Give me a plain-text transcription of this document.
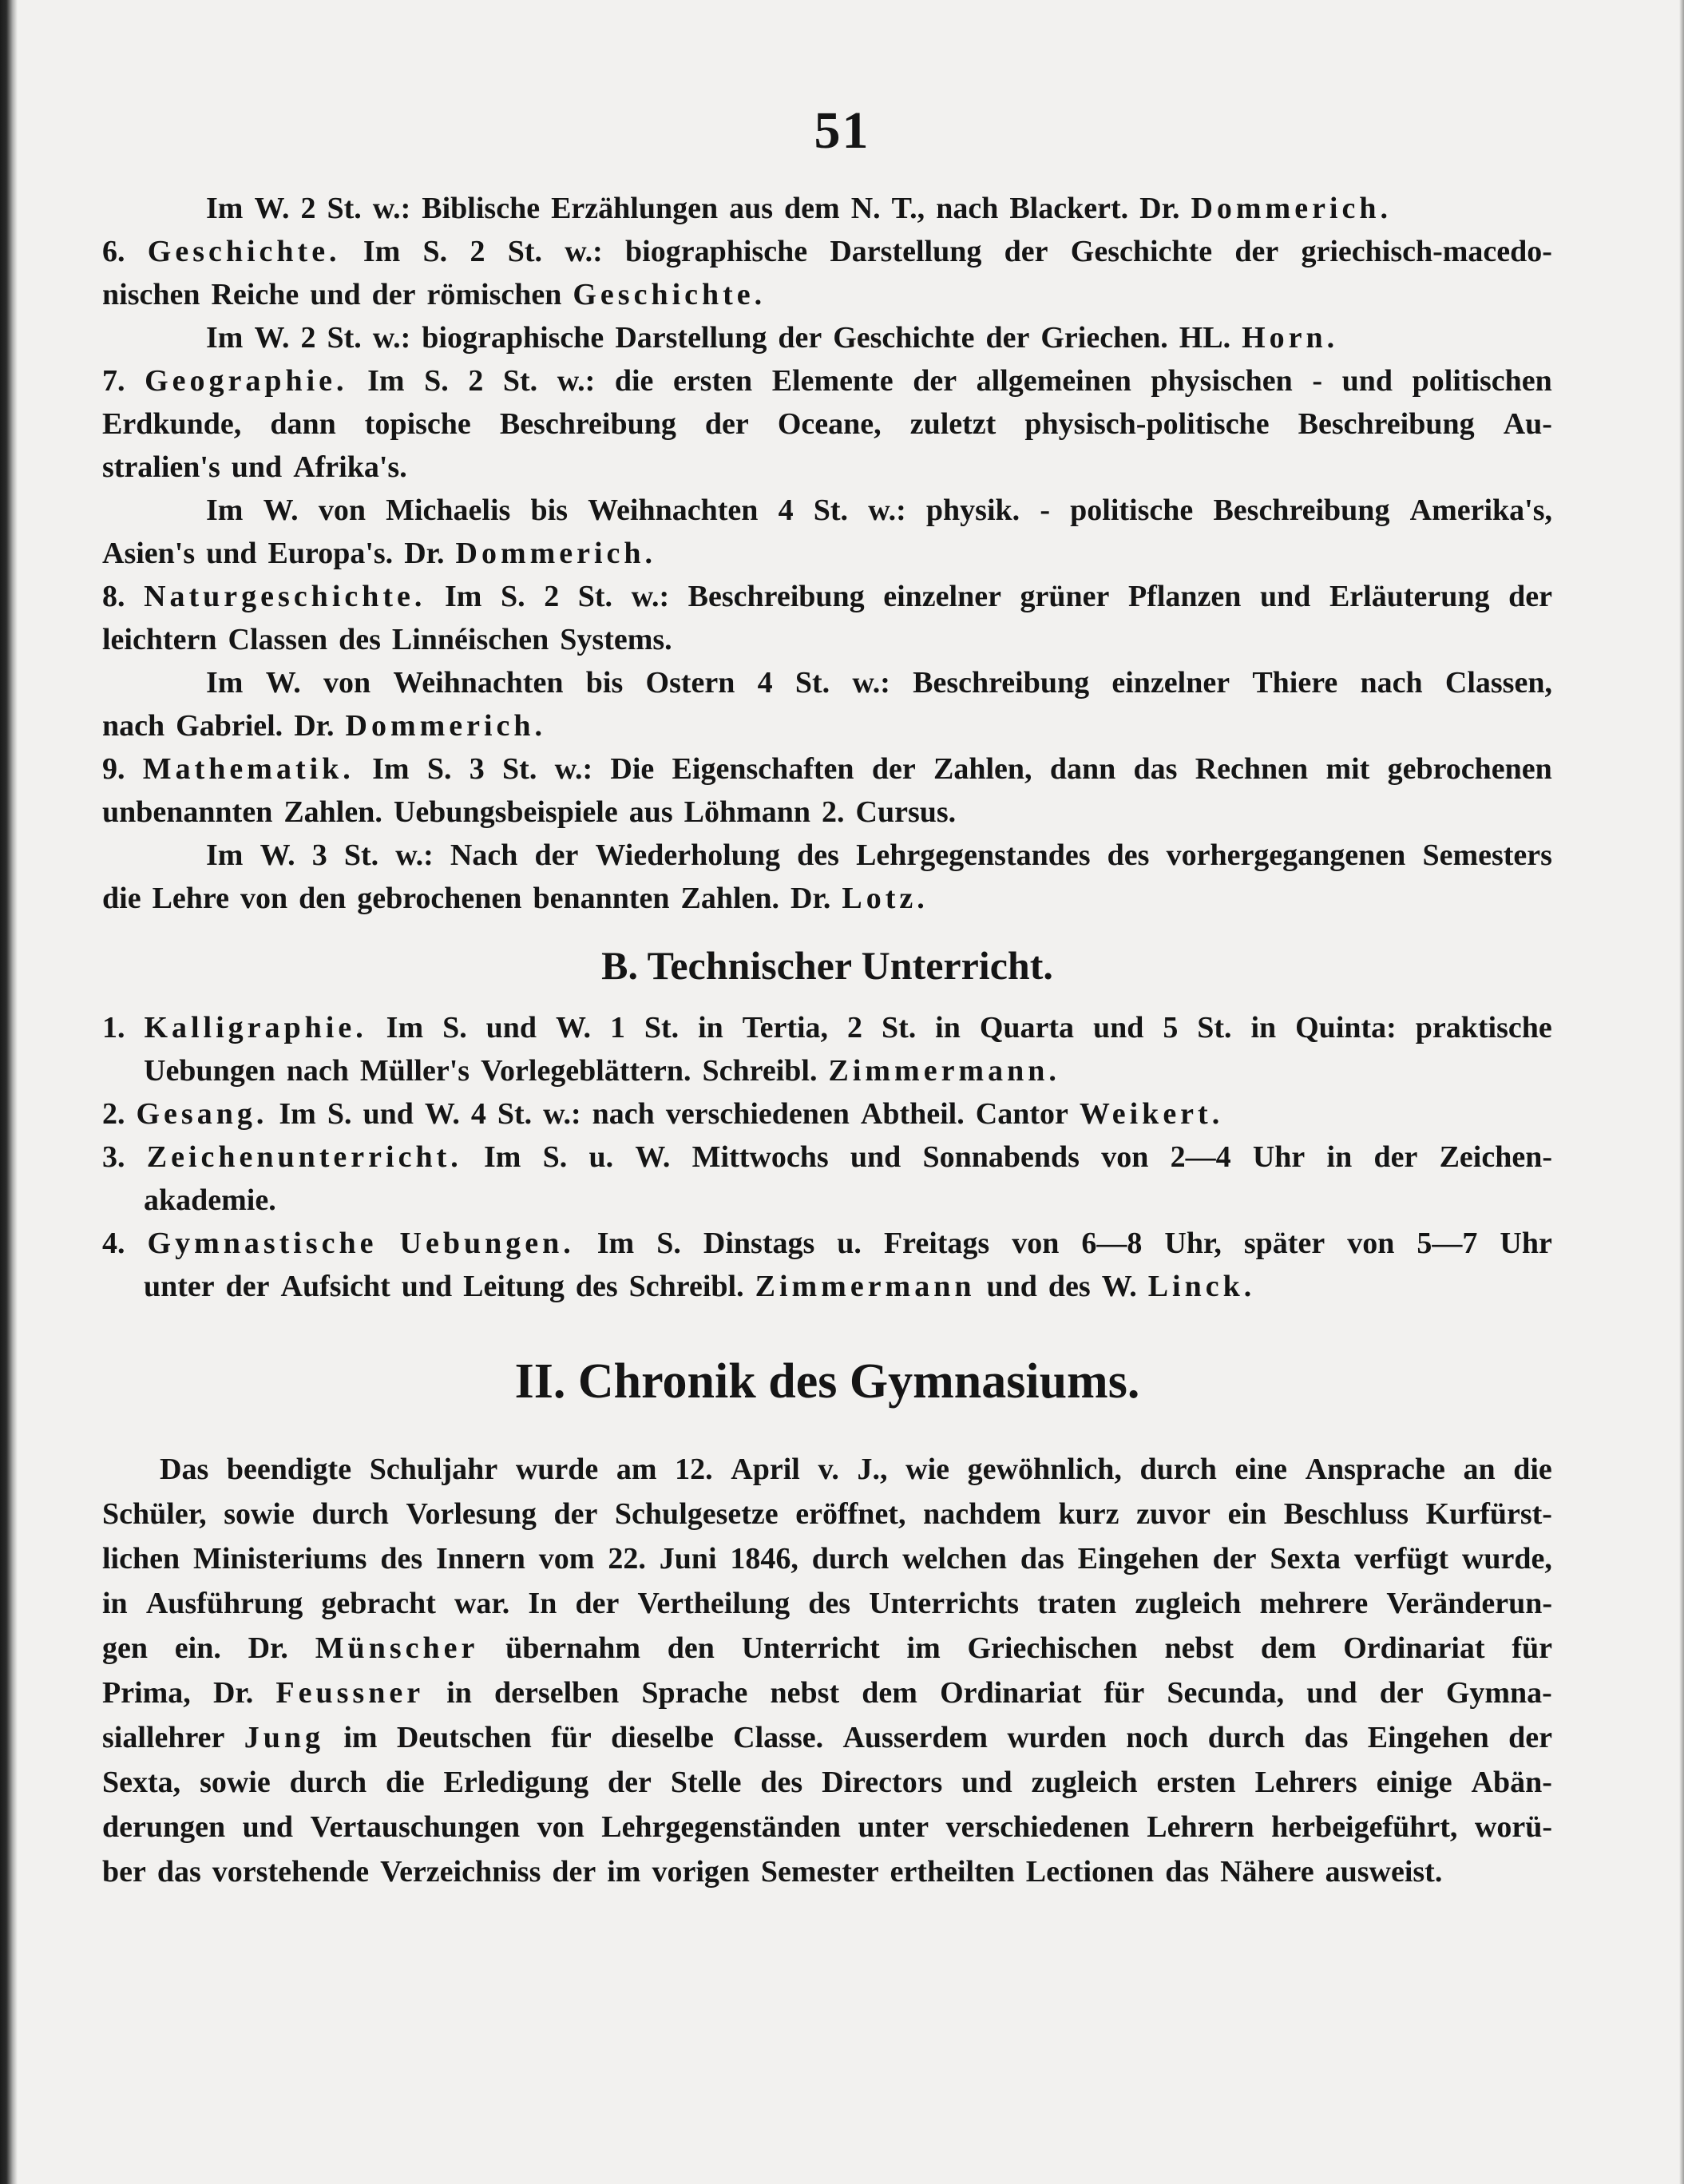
51
Im W. 2 St. w.: Biblische Erzählungen aus dem N. T., nach Blackert. Dr. Dommerich.
6. Geschichte. Im S. 2 St. w.: biographische Darstellung der Geschichte der griechisch-macedo-
nischen Reiche und der römischen Geschichte.
Im W. 2 St. w.: biographische Darstellung der Geschichte der Griechen. HL. Horn.
7. Geographie. Im S. 2 St. w.: die ersten Elemente der allgemeinen physischen - und politischen
Erdkunde, dann topische Beschreibung der Oceane, zuletzt physisch-politische Beschreibung Au-
stralien's und Afrika's.
Im W. von Michaelis bis Weihnachten 4 St. w.: physik. - politische Beschreibung Amerika's,
Asien's und Europa's. Dr. Dommerich.
8. Naturgeschichte. Im S. 2 St. w.: Beschreibung einzelner grüner Pflanzen und Erläuterung der
leichtern Classen des Linnéischen Systems.
Im W. von Weihnachten bis Ostern 4 St. w.: Beschreibung einzelner Thiere nach Classen,
nach Gabriel. Dr. Dommerich.
9. Mathematik. Im S. 3 St. w.: Die Eigenschaften der Zahlen, dann das Rechnen mit gebrochenen
unbenannten Zahlen. Uebungsbeispiele aus Löhmann 2. Cursus.
Im W. 3 St. w.: Nach der Wiederholung des Lehrgegenstandes des vorhergegangenen Semesters
die Lehre von den gebrochenen benannten Zahlen. Dr. Lotz.
B. Technischer Unterricht.
1. Kalligraphie. Im S. und W. 1 St. in Tertia, 2 St. in Quarta und 5 St. in Quinta: praktische
Uebungen nach Müller's Vorlegeblättern. Schreibl. Zimmermann.
2. Gesang. Im S. und W. 4 St. w.: nach verschiedenen Abtheil. Cantor Weikert.
3. Zeichenunterricht. Im S. u. W. Mittwochs und Sonnabends von 2—4 Uhr in der Zeichen-
akademie.
4. Gymnastische Uebungen. Im S. Dinstags u. Freitags von 6—8 Uhr, später von 5—7 Uhr
unter der Aufsicht und Leitung des Schreibl. Zimmermann und des W. Linck.
II. Chronik des Gymnasiums.
Das beendigte Schuljahr wurde am 12. April v. J., wie gewöhnlich, durch eine Ansprache an die
Schüler, sowie durch Vorlesung der Schulgesetze eröffnet, nachdem kurz zuvor ein Beschluss Kurfürst-
lichen Ministeriums des Innern vom 22. Juni 1846, durch welchen das Eingehen der Sexta verfügt wurde,
in Ausführung gebracht war. In der Vertheilung des Unterrichts traten zugleich mehrere Veränderun-
gen ein. Dr. Münscher übernahm den Unterricht im Griechischen nebst dem Ordinariat für
Prima, Dr. Feussner in derselben Sprache nebst dem Ordinariat für Secunda, und der Gymna-
siallehrer Jung im Deutschen für dieselbe Classe. Ausserdem wurden noch durch das Eingehen der
Sexta, sowie durch die Erledigung der Stelle des Directors und zugleich ersten Lehrers einige Abän-
derungen und Vertauschungen von Lehrgegenständen unter verschiedenen Lehrern herbeigeführt, worü-
ber das vorstehende Verzeichniss der im vorigen Semester ertheilten Lectionen das Nähere ausweist.
